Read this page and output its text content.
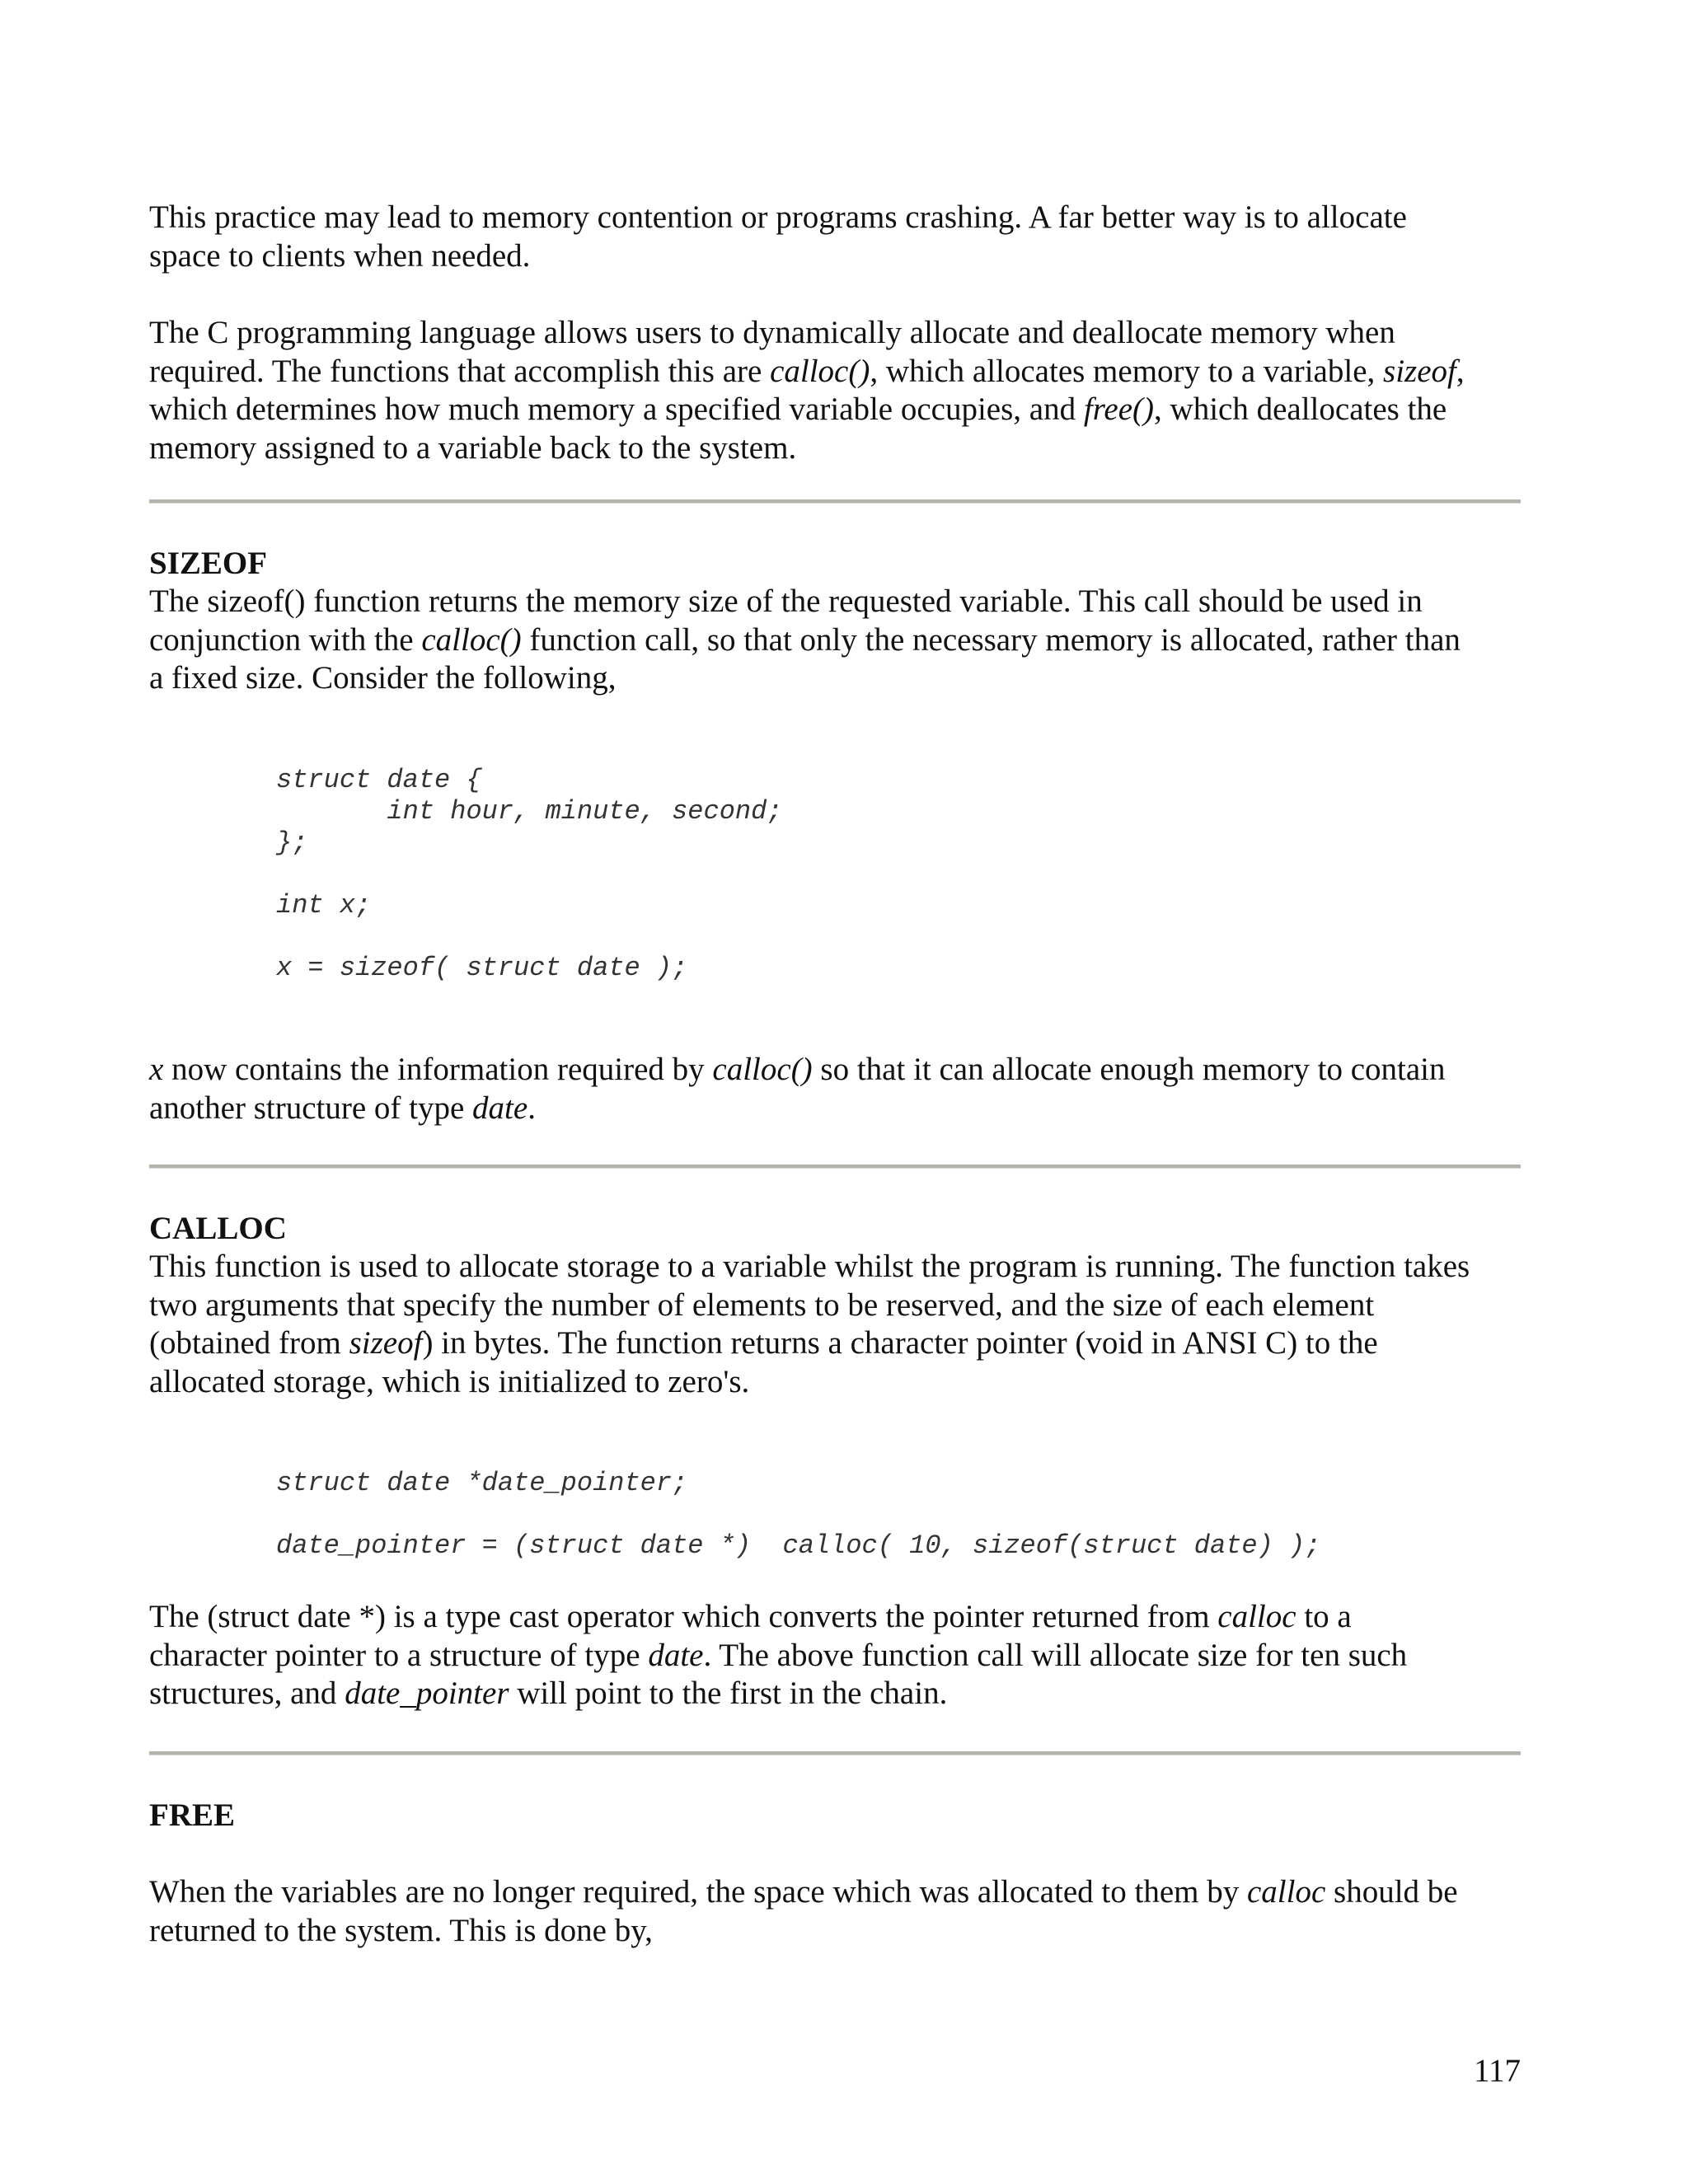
This practice may lead to memory contention or programs crashing. A far better way is to allocate
space to clients when needed.

The C programming language allows users to dynamically allocate and deallocate memory when
required. The functions that accomplish this are calloc(), which allocates memory to a variable, sizeof,
which determines how much memory a specified variable occupies, and free(), which deallocates the
memory assigned to a variable back to the system.

SIZEOF

The sizeof() function returns the memory size of the requested variable. This call should be used in
conjunction with the calloc() function call, so that only the necessary memory is allocated, rather than
a fixed size. Consider the following,

struct date {
int hour, minute, second;
};

int x;

x = sizeof( struct date );

x now contains the information required by calloc() so that it can allocate enough memory to contain
another structure of type date.

CALLOC

This function is used to allocate storage to a variable whilst the program is running. The function takes
two arguments that specify the number of elements to be reserved, and the size of each element
(obtained from sizeof) in bytes. The function returns a character pointer (void in ANSI C) to the
allocated storage, which is initialized to zero's.

struct date *date_pointer;

date_pointer = (struct date *)  calloc( 10, sizeof(struct date) );

The (struct date *) is a type cast operator which converts the pointer returned from calloc to a
character pointer to a structure of type date. The above function call will allocate size for ten such
structures, and date_pointer will point to the first in the chain.

FREE

When the variables are no longer required, the space which was allocated to them by calloc should be
returned to the system. This is done by,

117
